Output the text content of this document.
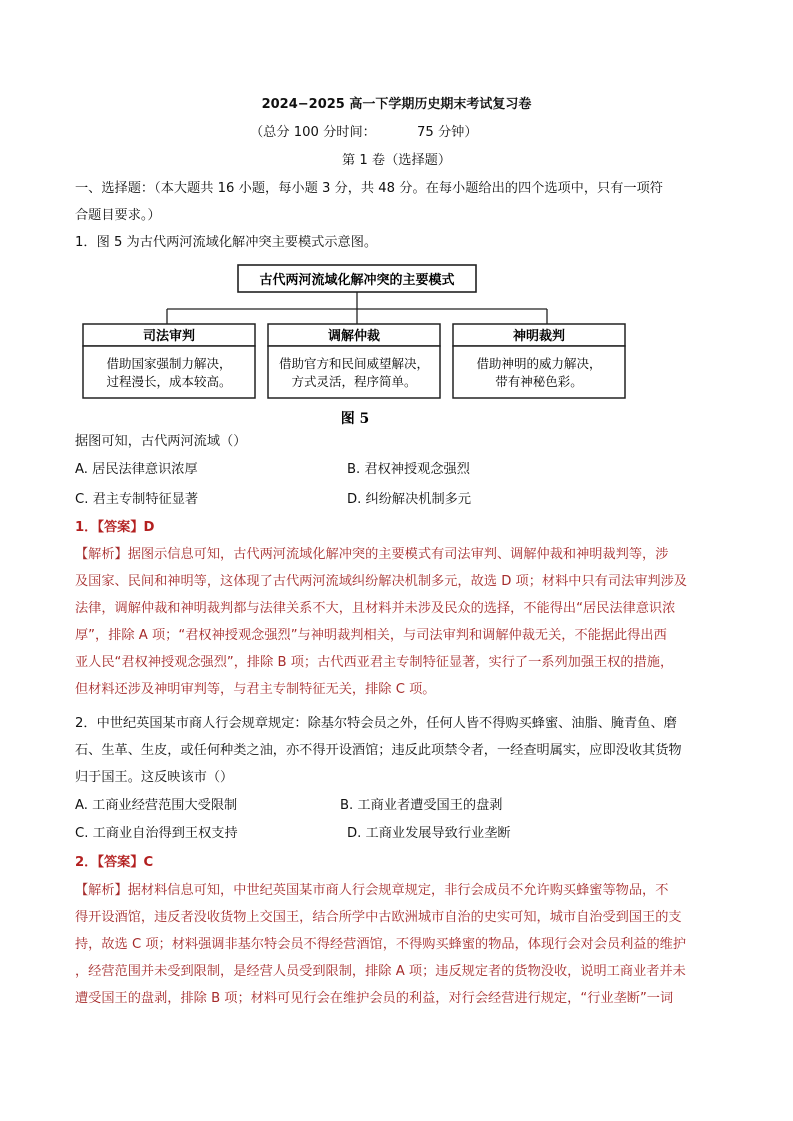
2024−2025 高一下学期历史期末考试复习卷
（总分 100 分时间：	75 分钟）
第 1 卷（选择题）
一、选择题：（本大题共 16 小题，每小题 3 分，共 48 分。在每小题给出的四个选项中，只有一项符
合题目要求。）
1．图 5 为古代两河流域化解冲突主要模式示意图。
古代两河流域化解冲突的主要模式
司法审判
借助国家强制力解决，
过程漫长，成本较高。
调解仲裁
借助官方和民间威望解决，
方式灵活，程序简单。
神明裁判
借助神明的威力解决，
带有神秘色彩。
图 5
据图可知，古代两河流域（）
A. 居民法律意识浓厚	B. 君权神授观念强烈
C. 君主专制特征显著	D. 纠纷解决机制多元
1．【答案】D
【解析】据图示信息可知，古代两河流域化解冲突的主要模式有司法审判、调解仲裁和神明裁判等，涉
及国家、民间和神明等，这体现了古代两河流域纠纷解决机制多元，故选 D 项；材料中只有司法审判涉及
法律，调解仲裁和神明裁判都与法律关系不大，且材料并未涉及民众的选择，不能得出“居民法律意识浓
厚”，排除 A 项；“君权神授观念强烈”与神明裁判相关，与司法审判和调解仲裁无关，不能据此得出西
亚人民“君权神授观念强烈”，排除 B 项；古代西亚君主专制特征显著，实行了一系列加强王权的措施，
但材料还涉及神明审判等，与君主专制特征无关，排除 C 项。
2．中世纪英国某市商人行会规章规定：除基尔特会员之外，任何人皆不得购买蜂蜜、油脂、腌青鱼、磨
石、生革、生皮，或任何种类之油，亦不得开设酒馆；违反此项禁令者，一经查明属实，应即没收其货物
归于国王。这反映该市（）
A. 工商业经营范围大受限制	B. 工商业者遭受国王的盘剥
C. 工商业自治得到王权支持	D. 工商业发展导致行业垄断
2．【答案】C
【解析】据材料信息可知，中世纪英国某市商人行会规章规定，非行会成员不允许购买蜂蜜等物品，不
得开设酒馆，违反者没收货物上交国王，结合所学中古欧洲城市自治的史实可知，城市自治受到国王的支
持，故选 C 项；材料强调非基尔特会员不得经营酒馆，不得购买蜂蜜的物品，体现行会对会员利益的维护
，经营范围并未受到限制，是经营人员受到限制，排除 A 项；违反规定者的货物没收，说明工商业者并未
遭受国王的盘剥，排除 B 项；材料可见行会在维护会员的利益，对行会经营进行规定，“行业垄断”一词
